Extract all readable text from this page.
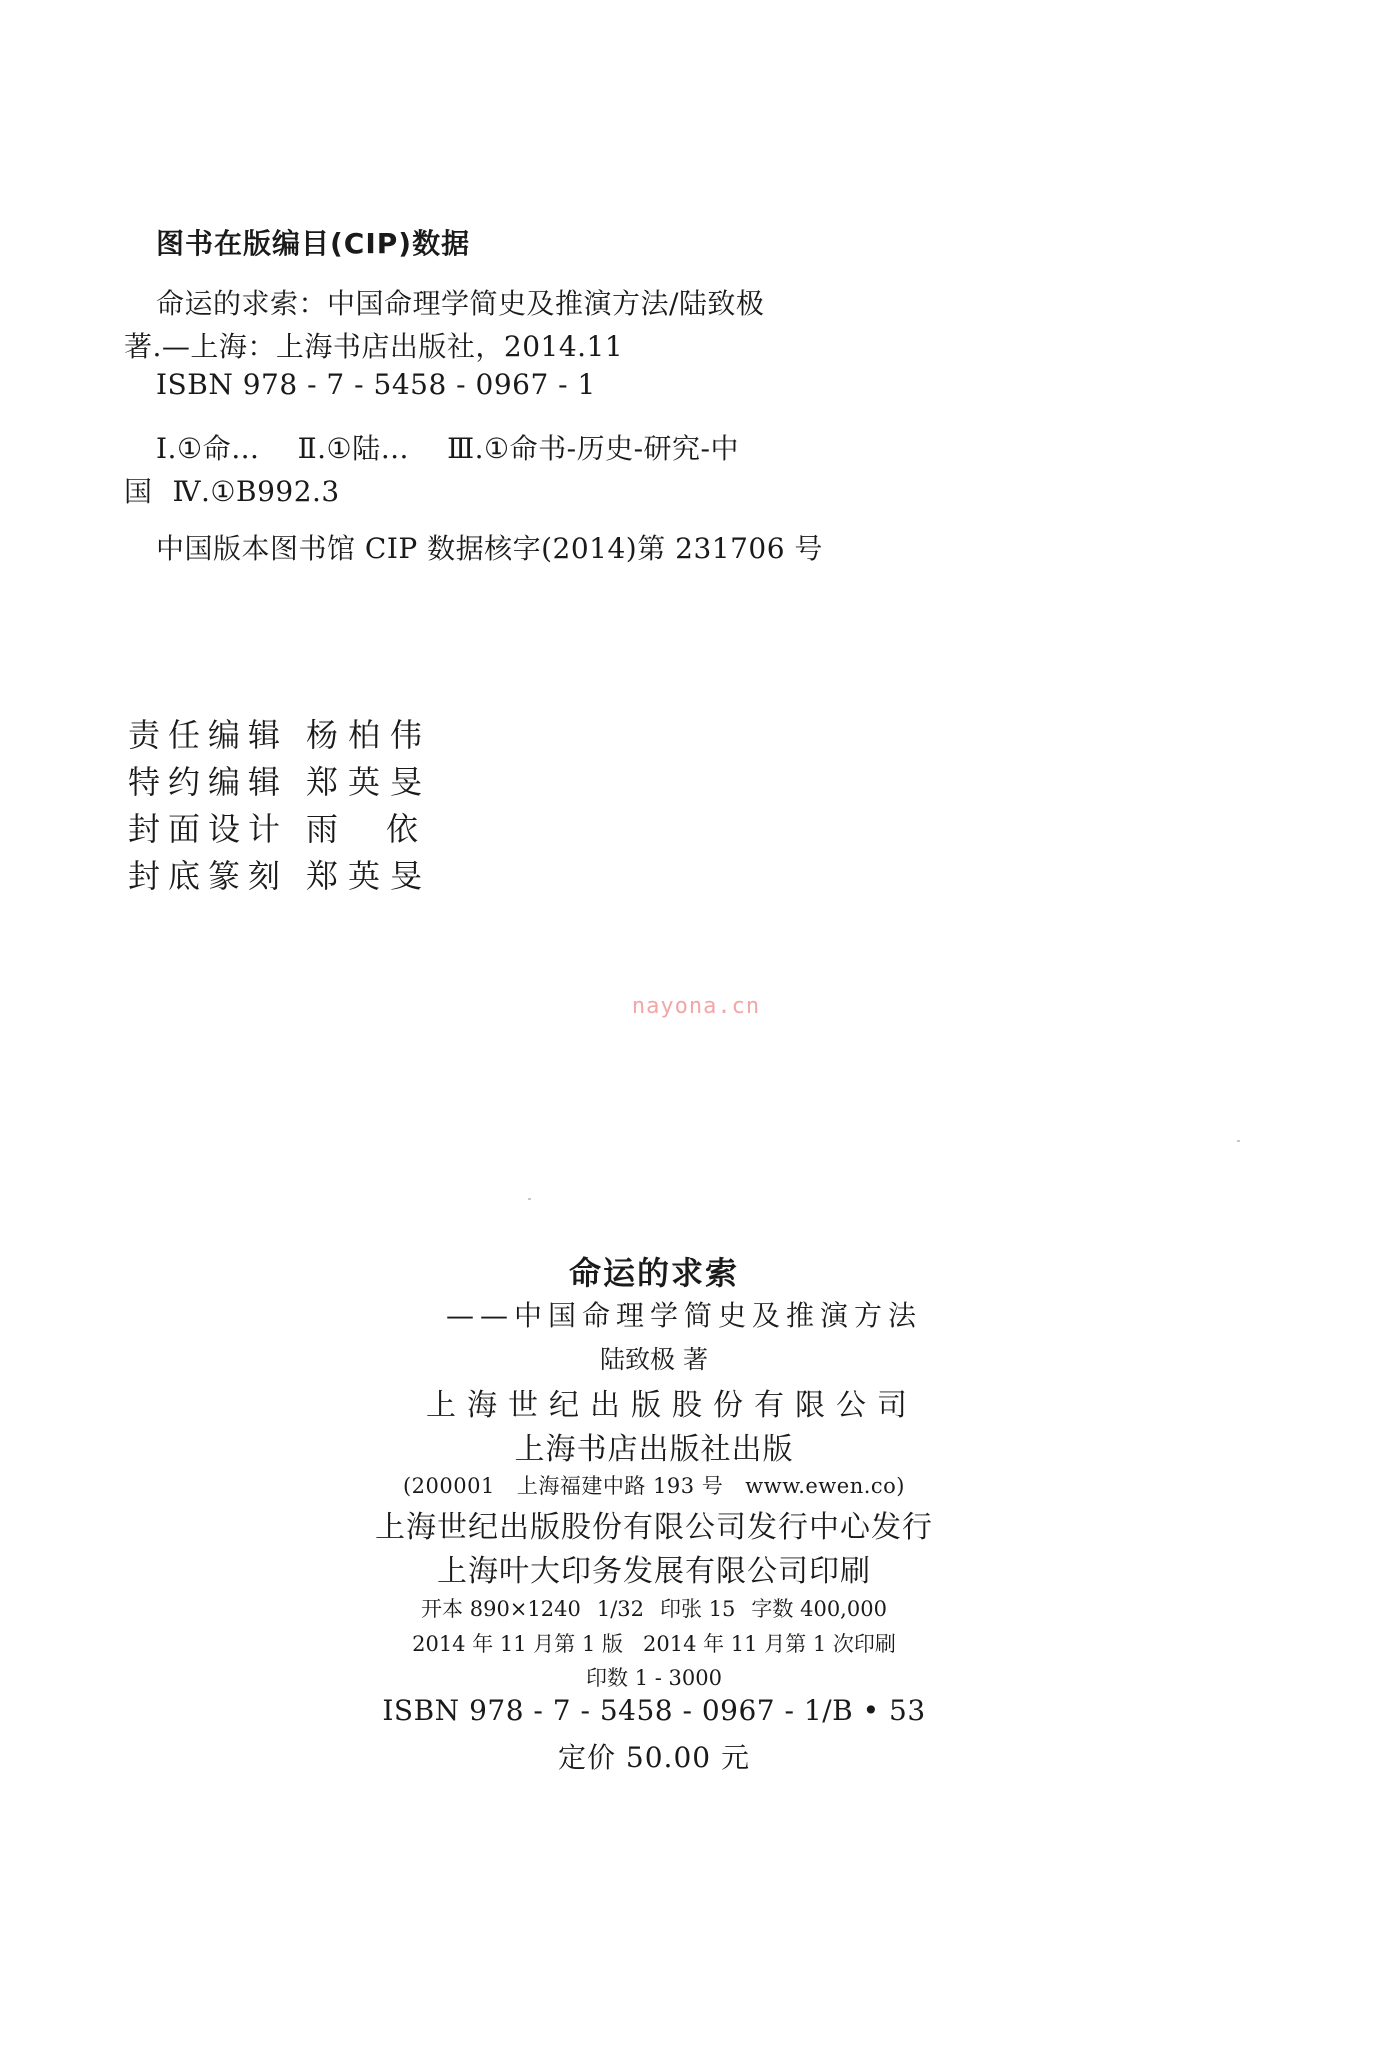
图书在版编目(CIP)数据
命运的求索：中国命理学简史及推演方法/陆致极
著.—上海：上海书店出版社，2014.11
ISBN 978 - 7 - 5458 - 0967 - 1
Ⅰ.①命… Ⅱ.①陆… Ⅲ.①命书-历史-研究-中
国 Ⅳ.①B992.3
中国版本图书馆 CIP 数据核字(2014)第 231706 号
责任编辑 杨柏伟
特约编辑 郑英旻
封面设计 雨依
封底篆刻 郑英旻
nayona.cn
命运的求索
——中国命理学简史及推演方法
陆致极 著
上海世纪出版股份有限公司
上海书店出版社出版
(200001 上海福建中路 193 号 www.ewen.co)
上海世纪出版股份有限公司发行中心发行
上海叶大印务发展有限公司印刷
开本 890×1240 1/32 印张 15 字数 400,000
2014 年 11 月第 1 版 2014 年 11 月第 1 次印刷
印数 1 - 3000
ISBN 978 - 7 - 5458 - 0967 - 1/B • 53
定价 50.00 元
